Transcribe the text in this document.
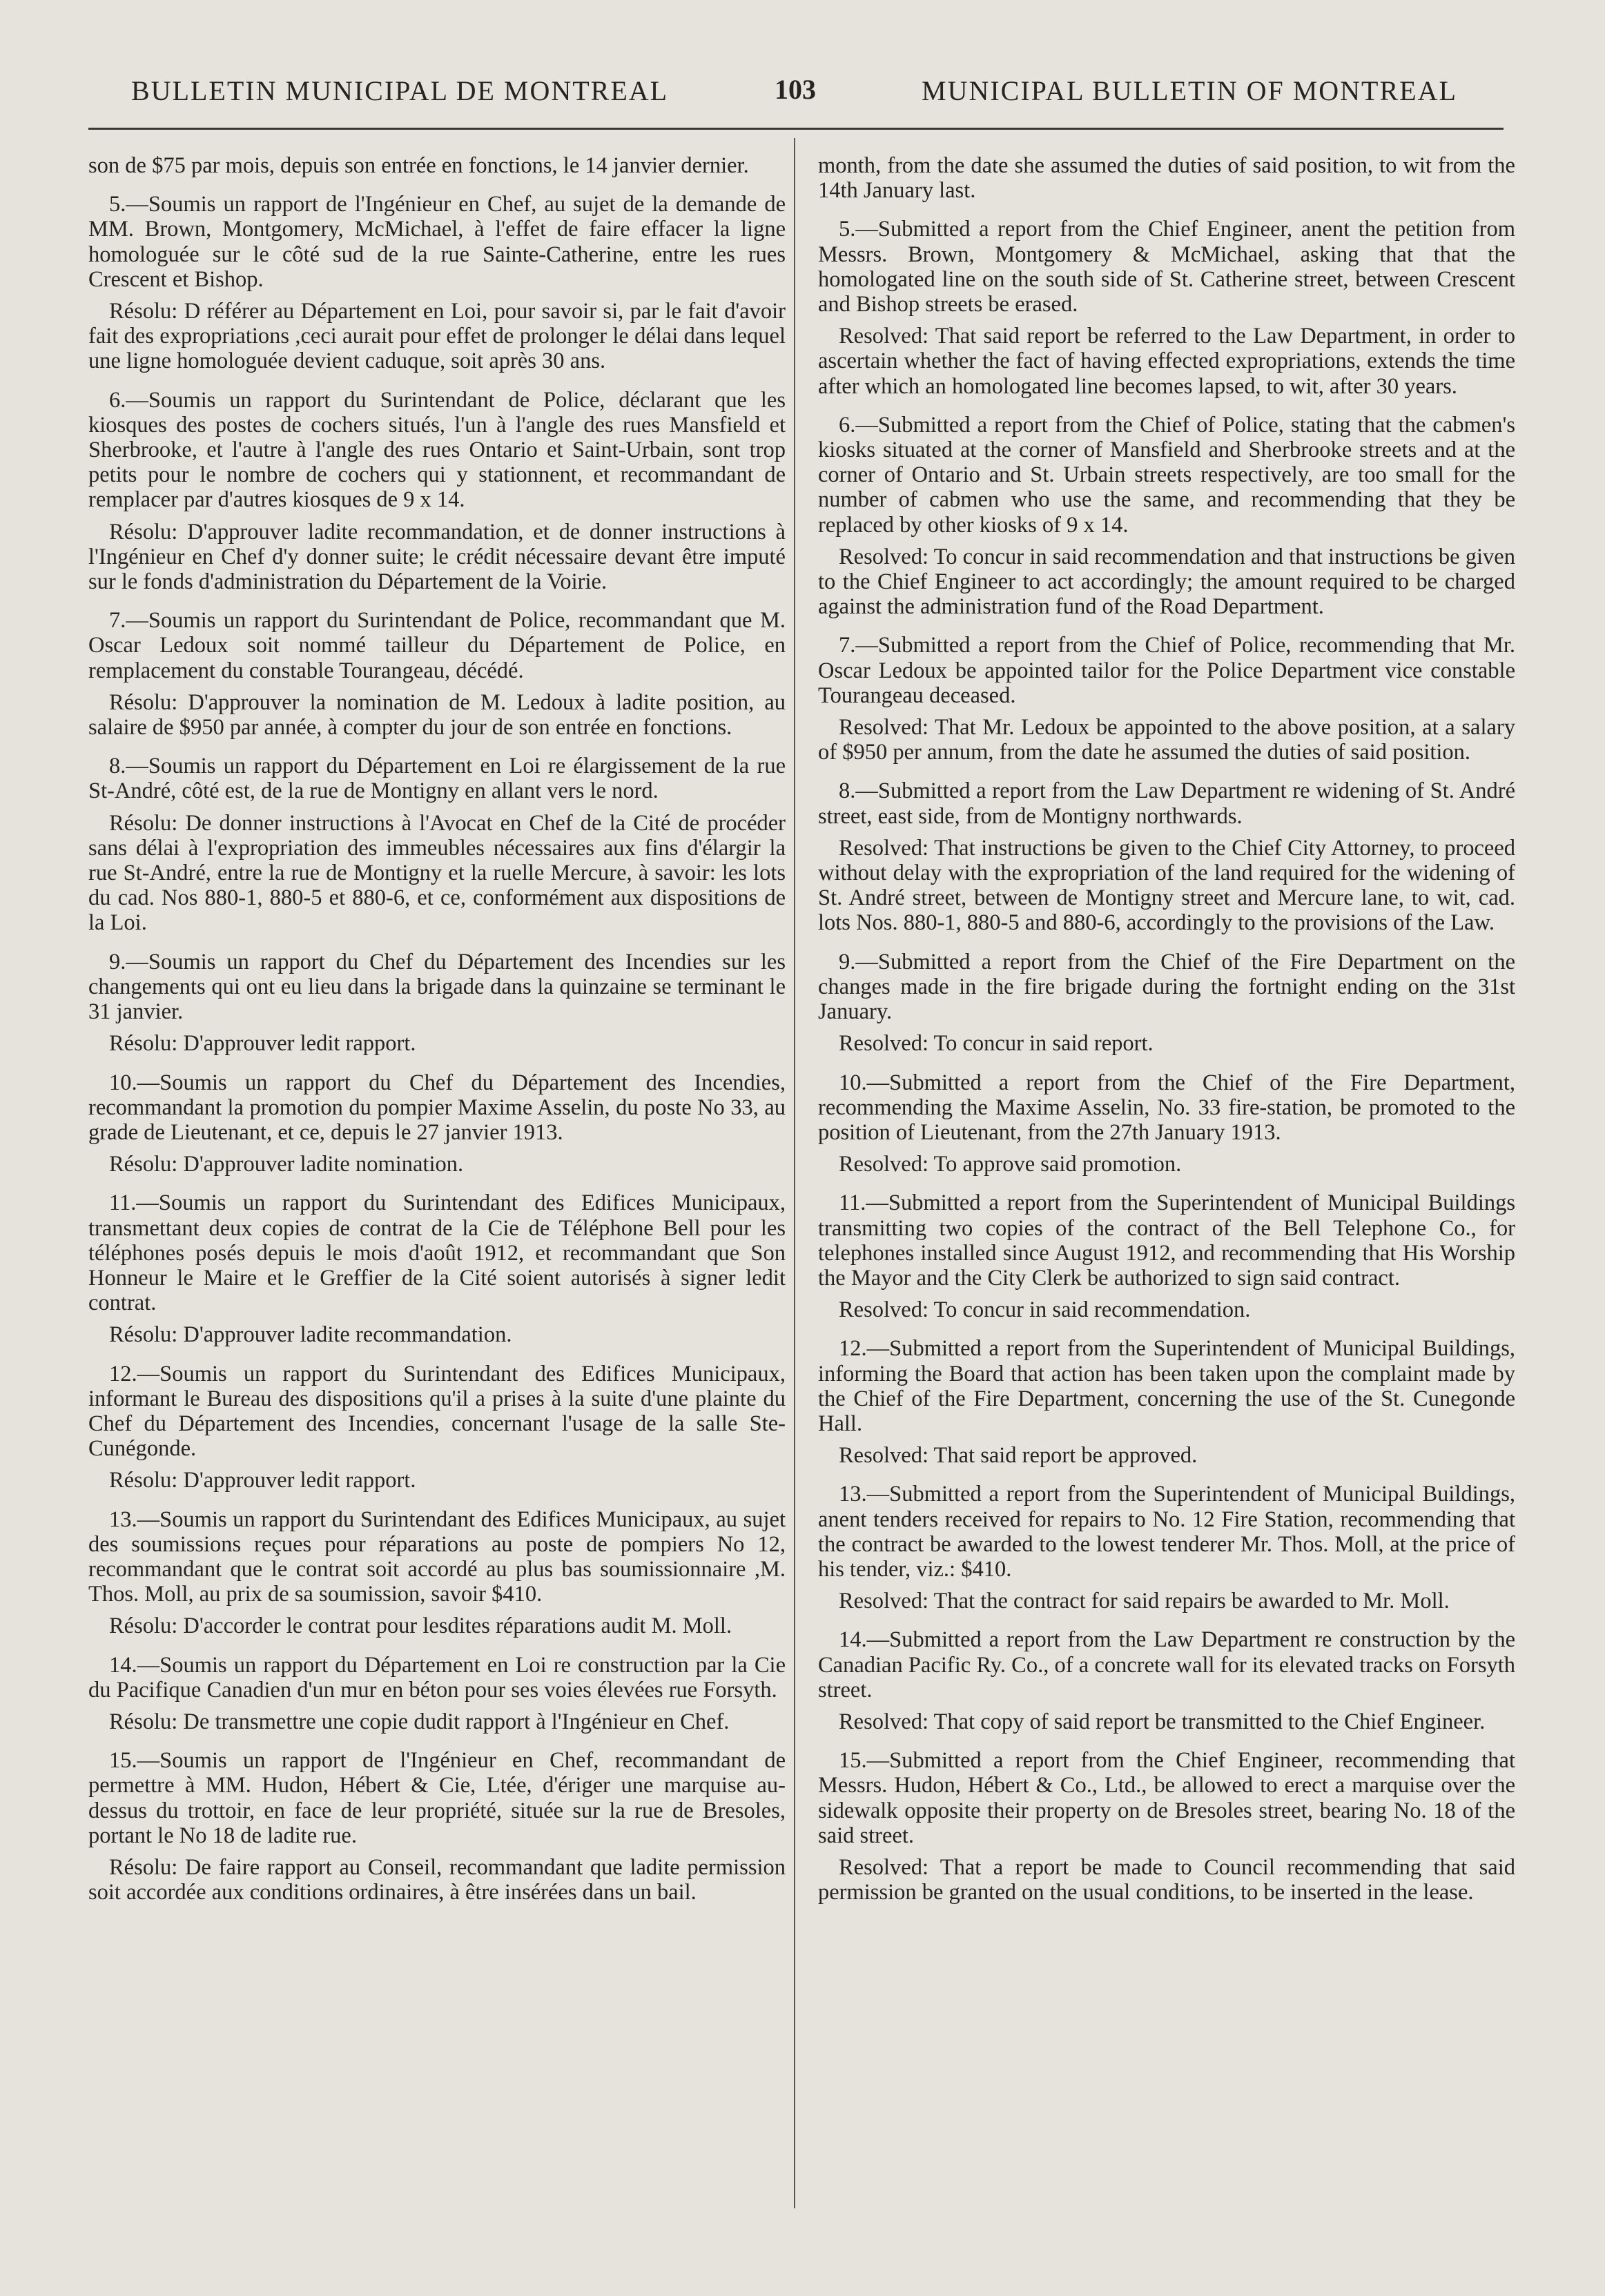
BULLETIN MUNICIPAL DE MONTREAL	103	MUNICIPAL BULLETIN OF MONTREAL

son de $75 par mois, depuis son entrée en fonctions, le 14 janvier dernier.

5.—Soumis un rapport de l'Ingénieur en Chef, au sujet de la demande de MM. Brown, Montgomery, McMichael, à l'effet de faire effacer la ligne homologuée sur le côté sud de la rue Sainte-Catherine, entre les rues Crescent et Bishop.

Résolu: D référer au Département en Loi, pour savoir si, par le fait d'avoir fait des expropriations ,ceci aurait pour effet de prolonger le délai dans lequel une ligne homologuée devient caduque, soit après 30 ans.

6.—Soumis un rapport du Surintendant de Police, déclarant que les kiosques des postes de cochers situés, l'un à l'angle des rues Mansfield et Sherbrooke, et l'autre à l'angle des rues Ontario et Saint-Urbain, sont trop petits pour le nombre de cochers qui y stationnent, et recommandant de remplacer par d'autres kiosques de 9 x 14.

Résolu: D'approuver ladite recommandation, et de donner instructions à l'Ingénieur en Chef d'y donner suite; le crédit nécessaire devant être imputé sur le fonds d'administration du Département de la Voirie.

7.—Soumis un rapport du Surintendant de Police, recommandant que M. Oscar Ledoux soit nommé tailleur du Département de Police, en remplacement du constable Tourangeau, décédé.

Résolu: D'approuver la nomination de M. Ledoux à ladite position, au salaire de $950 par année, à compter du jour de son entrée en fonctions.

8.—Soumis un rapport du Département en Loi re élargissement de la rue St-André, côté est, de la rue de Montigny en allant vers le nord.

Résolu: De donner instructions à l'Avocat en Chef de la Cité de procéder sans délai à l'expropriation des immeubles nécessaires aux fins d'élargir la rue St-André, entre la rue de Montigny et la ruelle Mercure, à savoir: les lots du cad. Nos 880-1, 880-5 et 880-6, et ce, conformément aux dispositions de la Loi.

9.—Soumis un rapport du Chef du Département des Incendies sur les changements qui ont eu lieu dans la brigade dans la quinzaine se terminant le 31 janvier.

Résolu: D'approuver ledit rapport.

10.—Soumis un rapport du Chef du Département des Incendies, recommandant la promotion du pompier Maxime Asselin, du poste No 33, au grade de Lieutenant, et ce, depuis le 27 janvier 1913.

Résolu: D'approuver ladite nomination.

11.—Soumis un rapport du Surintendant des Edifices Municipaux, transmettant deux copies de contrat de la Cie de Téléphone Bell pour les téléphones posés depuis le mois d'août 1912, et recommandant que Son Honneur le Maire et le Greffier de la Cité soient autorisés à signer ledit contrat.

Résolu: D'approuver ladite recommandation.

12.—Soumis un rapport du Surintendant des Edifices Municipaux, informant le Bureau des dispositions qu'il a prises à la suite d'une plainte du Chef du Département des Incendies, concernant l'usage de la salle Ste-Cunégonde.

Résolu: D'approuver ledit rapport.

13.—Soumis un rapport du Surintendant des Edifices Municipaux, au sujet des soumissions reçues pour réparations au poste de pompiers No 12, recommandant que le contrat soit accordé au plus bas soumissionnaire ,M. Thos. Moll, au prix de sa soumission, savoir $410.

Résolu: D'accorder le contrat pour lesdites réparations audit M. Moll.

14.—Soumis un rapport du Département en Loi re construction par la Cie du Pacifique Canadien d'un mur en béton pour ses voies élevées rue Forsyth.

Résolu: De transmettre une copie dudit rapport à l'Ingénieur en Chef.

15.—Soumis un rapport de l'Ingénieur en Chef, recommandant de permettre à MM. Hudon, Hébert & Cie, Ltée, d'ériger une marquise au-dessus du trottoir, en face de leur propriété, située sur la rue de Bresoles, portant le No 18 de ladite rue.

Résolu: De faire rapport au Conseil, recommandant que ladite permission soit accordée aux conditions ordinaires, à être insérées dans un bail.

month, from the date she assumed the duties of said position, to wit from the 14th January last.

5.—Submitted a report from the Chief Engineer, anent the petition from Messrs. Brown, Montgomery & McMichael, asking that that the homologated line on the south side of St. Catherine street, between Crescent and Bishop streets be erased.

Resolved: That said report be referred to the Law Department, in order to ascertain whether the fact of having effected expropriations, extends the time after which an homologated line becomes lapsed, to wit, after 30 years.

6.—Submitted a report from the Chief of Police, stating that the cabmen's kiosks situated at the corner of Mansfield and Sherbrooke streets and at the corner of Ontario and St. Urbain streets respectively, are too small for the number of cabmen who use the same, and recommending that they be replaced by other kiosks of 9 x 14.

Resolved: To concur in said recommendation and that instructions be given to the Chief Engineer to act accordingly; the amount required to be charged against the administration fund of the Road Department.

7.—Submitted a report from the Chief of Police, recommending that Mr. Oscar Ledoux be appointed tailor for the Police Department vice constable Tourangeau deceased.

Resolved: That Mr. Ledoux be appointed to the above position, at a salary of $950 per annum, from the date he assumed the duties of said position.

8.—Submitted a report from the Law Department re widening of St. André street, east side, from de Montigny northwards.

Resolved: That instructions be given to the Chief City Attorney, to proceed without delay with the expropriation of the land required for the widening of St. André street, between de Montigny street and Mercure lane, to wit, cad. lots Nos. 880-1, 880-5 and 880-6, accordingly to the provisions of the Law.

9.—Submitted a report from the Chief of the Fire Department on the changes made in the fire brigade during the fortnight ending on the 31st January.

Resolved: To concur in said report.

10.—Submitted a report from the Chief of the Fire Department, recommending the Maxime Asselin, No. 33 fire-station, be promoted to the position of Lieutenant, from the 27th January 1913.

Resolved: To approve said promotion.

11.—Submitted a report from the Superintendent of Municipal Buildings transmitting two copies of the contract of the Bell Telephone Co., for telephones installed since August 1912, and recommending that His Worship the Mayor and the City Clerk be authorized to sign said contract.

Resolved: To concur in said recommendation.

12.—Submitted a report from the Superintendent of Municipal Buildings, informing the Board that action has been taken upon the complaint made by the Chief of the Fire Department, concerning the use of the St. Cunegonde Hall.

Resolved: That said report be approved.

13.—Submitted a report from the Superintendent of Municipal Buildings, anent tenders received for repairs to No. 12 Fire Station, recommending that the contract be awarded to the lowest tenderer Mr. Thos. Moll, at the price of his tender, viz.: $410.

Resolved: That the contract for said repairs be awarded to Mr. Moll.

14.—Submitted a report from the Law Department re construction by the Canadian Pacific Ry. Co., of a concrete wall for its elevated tracks on Forsyth street.

Resolved: That copy of said report be transmitted to the Chief Engineer.

15.—Submitted a report from the Chief Engineer, recommending that Messrs. Hudon, Hébert & Co., Ltd., be allowed to erect a marquise over the sidewalk opposite their property on de Bresoles street, bearing No. 18 of the said street.

Resolved: That a report be made to Council recommending that said permission be granted on the usual conditions, to be inserted in the lease.
